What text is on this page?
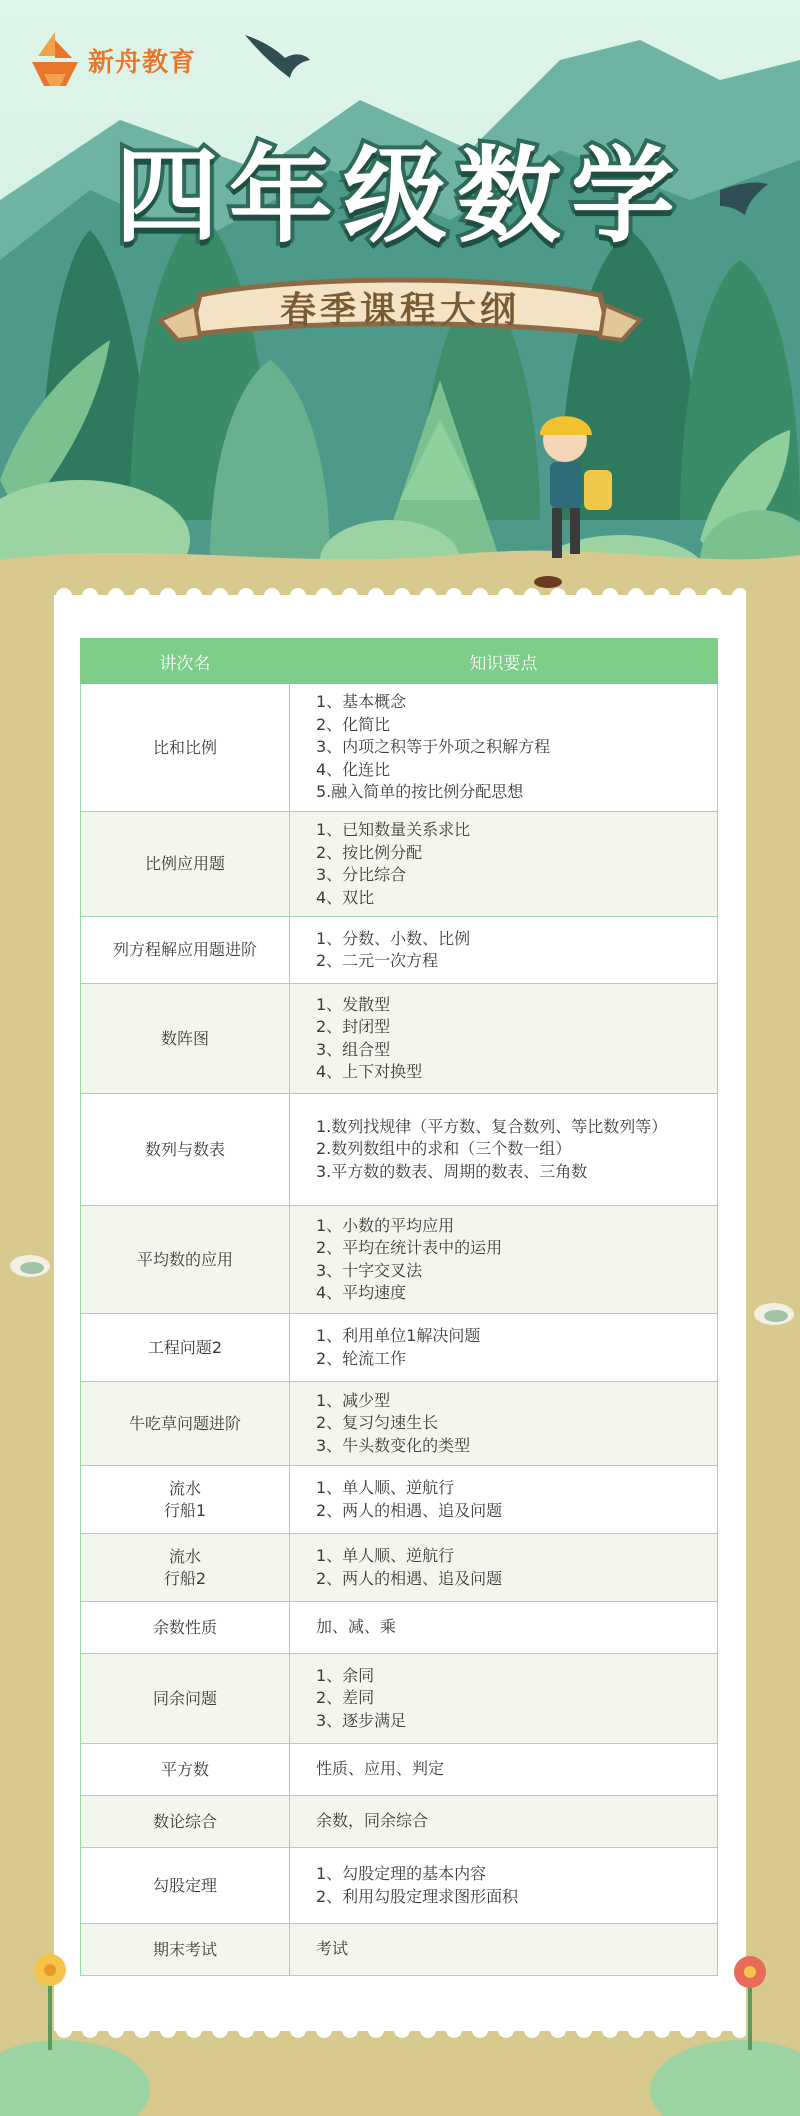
新舟教育
四年级数学
春季课程大纲
讲次名	知识要点

比和比例	1、基本概念
2、化简比
3、内项之积等于外项之积解方程
4、化连比
5.融入简单的按比例分配思想

比例应用题	1、已知数量关系求比
2、按比例分配
3、分比综合
4、双比

列方程解应用题进阶	1、分数、小数、比例
2、二元一次方程

数阵图	1、发散型
2、封闭型
3、组合型
4、上下对换型

数列与数表	1.数列找规律（平方数、复合数列、等比数列等）
2.数列数组中的求和（三个数一组）
3.平方数的数表、周期的数表、三角数

平均数的应用	1、小数的平均应用
2、平均在统计表中的运用
3、十字交叉法
4、平均速度

工程问题2	1、利用单位1解决问题
2、轮流工作

牛吃草问题进阶	1、减少型
2、复习匀速生长
3、牛头数变化的类型

流水
行船1	1、单人顺、逆航行
2、两人的相遇、追及问题

流水
行船2	1、单人顺、逆航行
2、两人的相遇、追及问题

余数性质	加、减、乘

同余问题	1、余同
2、差同
3、逐步满足

平方数	性质、应用、判定

数论综合	余数，同余综合

勾股定理	1、勾股定理的基本内容
2、利用勾股定理求图形面积

期末考试	考试
